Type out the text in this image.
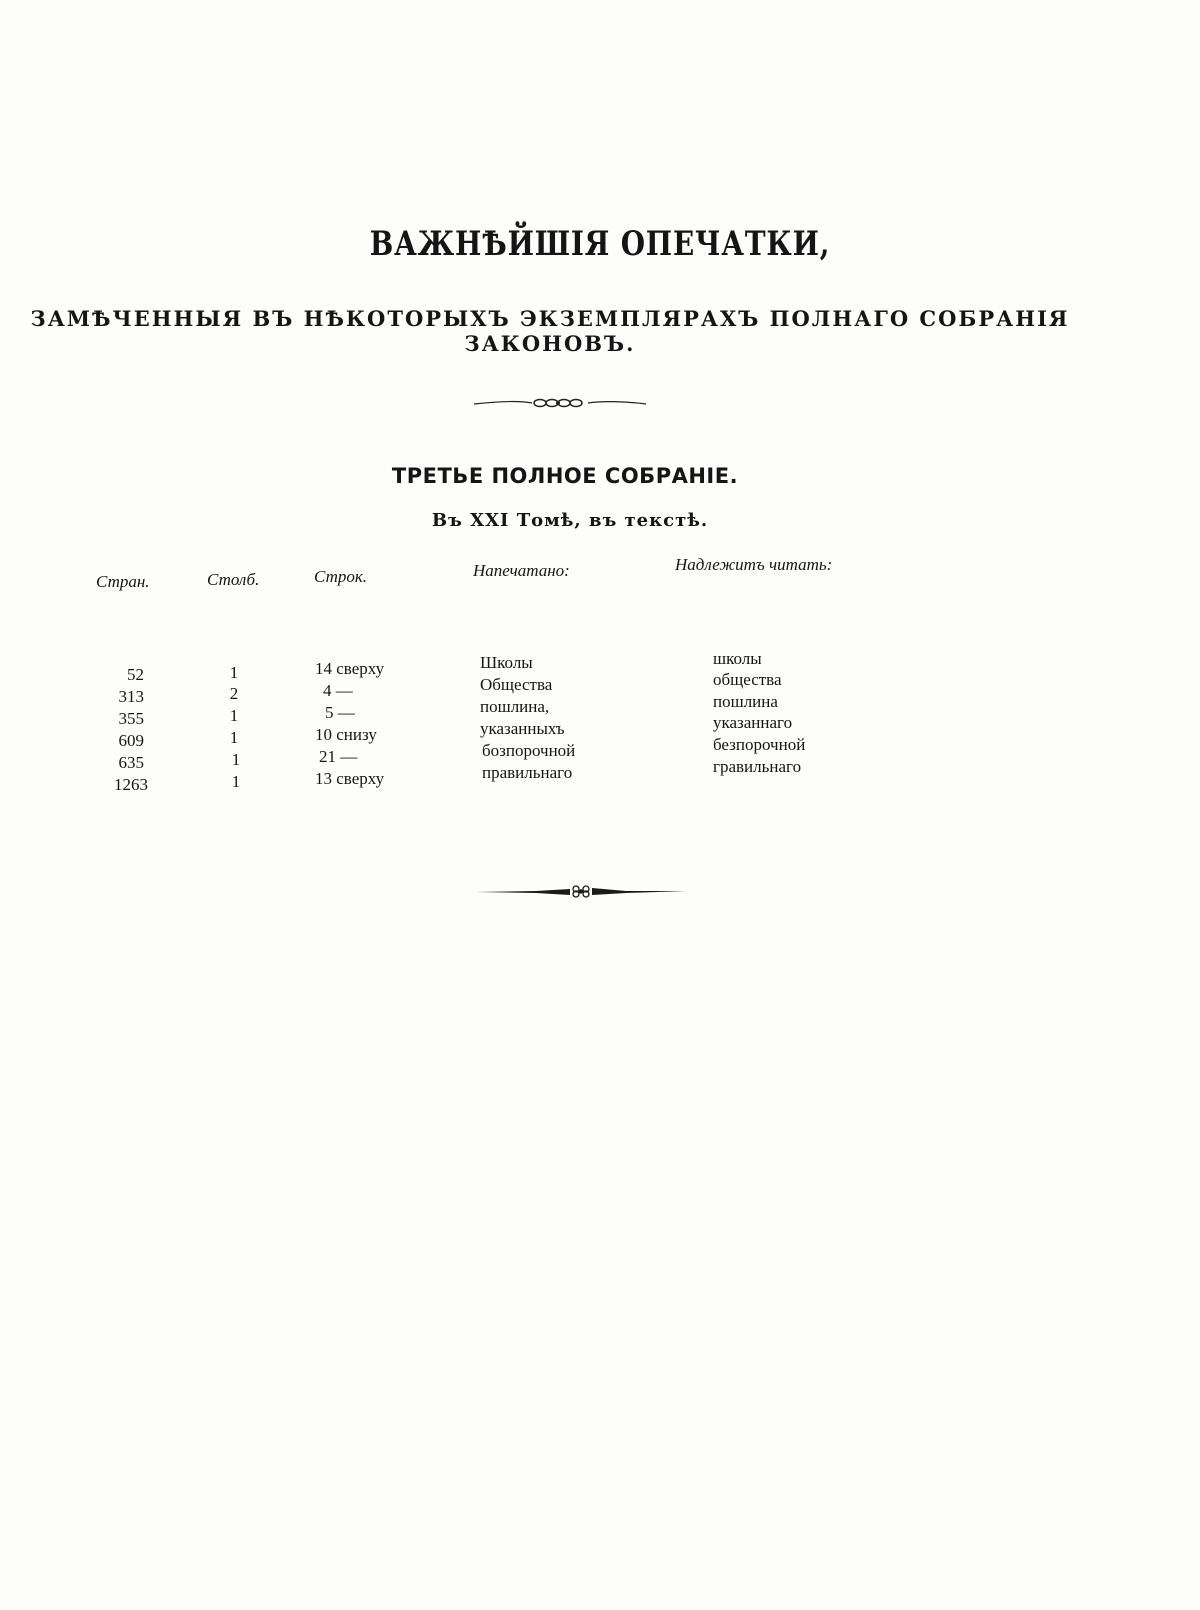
ВАЖНѢЙШІЯ ОПЕЧАТКИ,
ЗАМѢЧЕННЫЯ ВЪ НѢКОТОРЫХЪ ЭКЗЕМПЛЯРАХЪ ПОЛНАГО СОБРАНІЯ ЗАКОНОВЪ.
ТРЕТЬЕ ПОЛНОЕ СОБРАНІЕ.
Въ XXI Томѣ, въ текстѣ.
Стран.	Столб.	Строк.	Напечатано:	Надлежитъ читать:
52	1	14 сверху	Школы	школы
313	2	4 —	Общества	общества
355	1	5 —	пошлина,	пошлина
609	1	10 снизу	указанныхъ	указаннаго
635	1	21 —	бозпорочной	безпорочной
1263	1	13 сверху	правильнаго	гравильнаго
